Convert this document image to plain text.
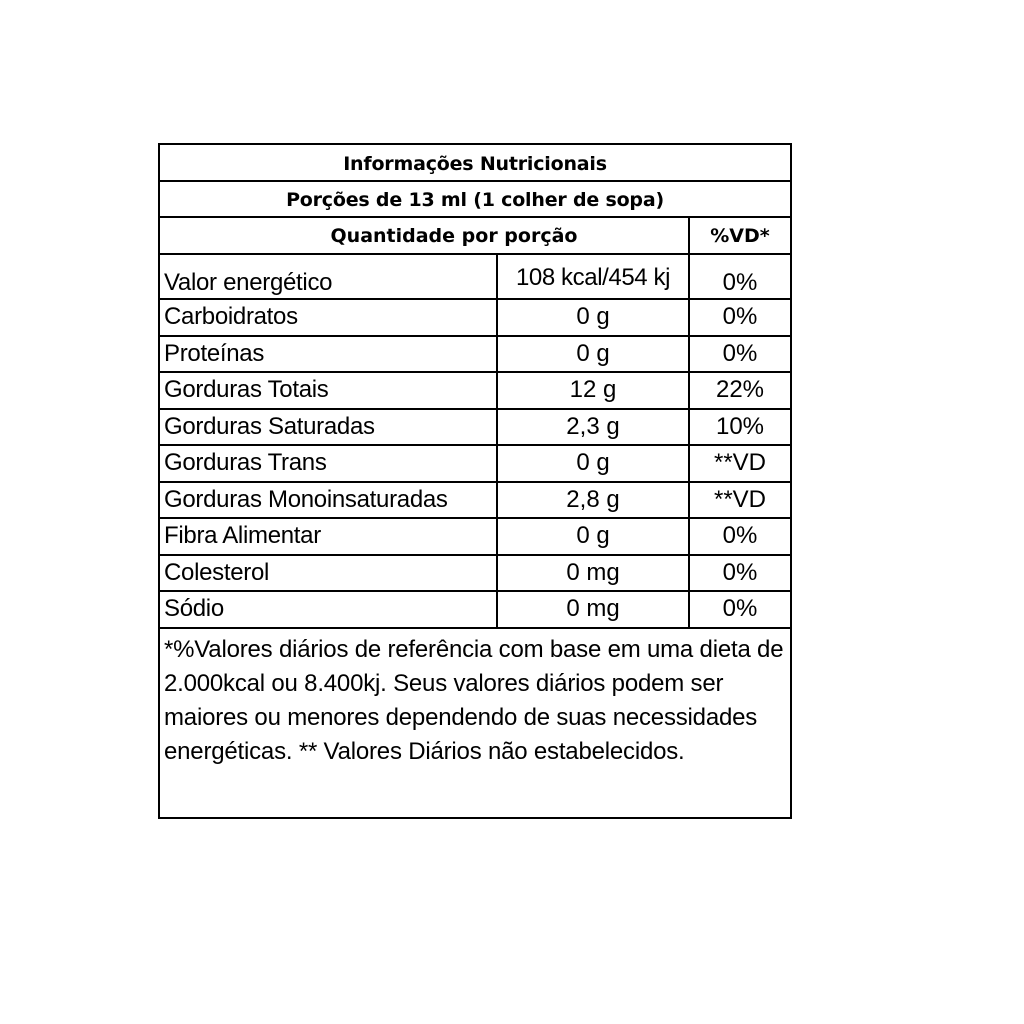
Informações Nutricionais
Porções de 13 ml (1 colher de sopa)
Quantidade por porção	%VD*
Valor energético	108 kcal/454 kj	0%
Carboidratos	0 g	0%
Proteínas	0 g	0%
Gorduras Totais	12 g	22%
Gorduras Saturadas	2,3 g	10%
Gorduras Trans	0 g	**VD
Gorduras Monoinsaturadas	2,8 g	**VD
Fibra Alimentar	0 g	0%
Colesterol	0 mg	0%
Sódio	0 mg	0%
*%Valores diários de referência com base em uma dieta de 2.000kcal ou 8.400kj. Seus valores diários podem ser maiores ou menores dependendo de suas necessidades energéticas. ** Valores Diários não estabelecidos.
